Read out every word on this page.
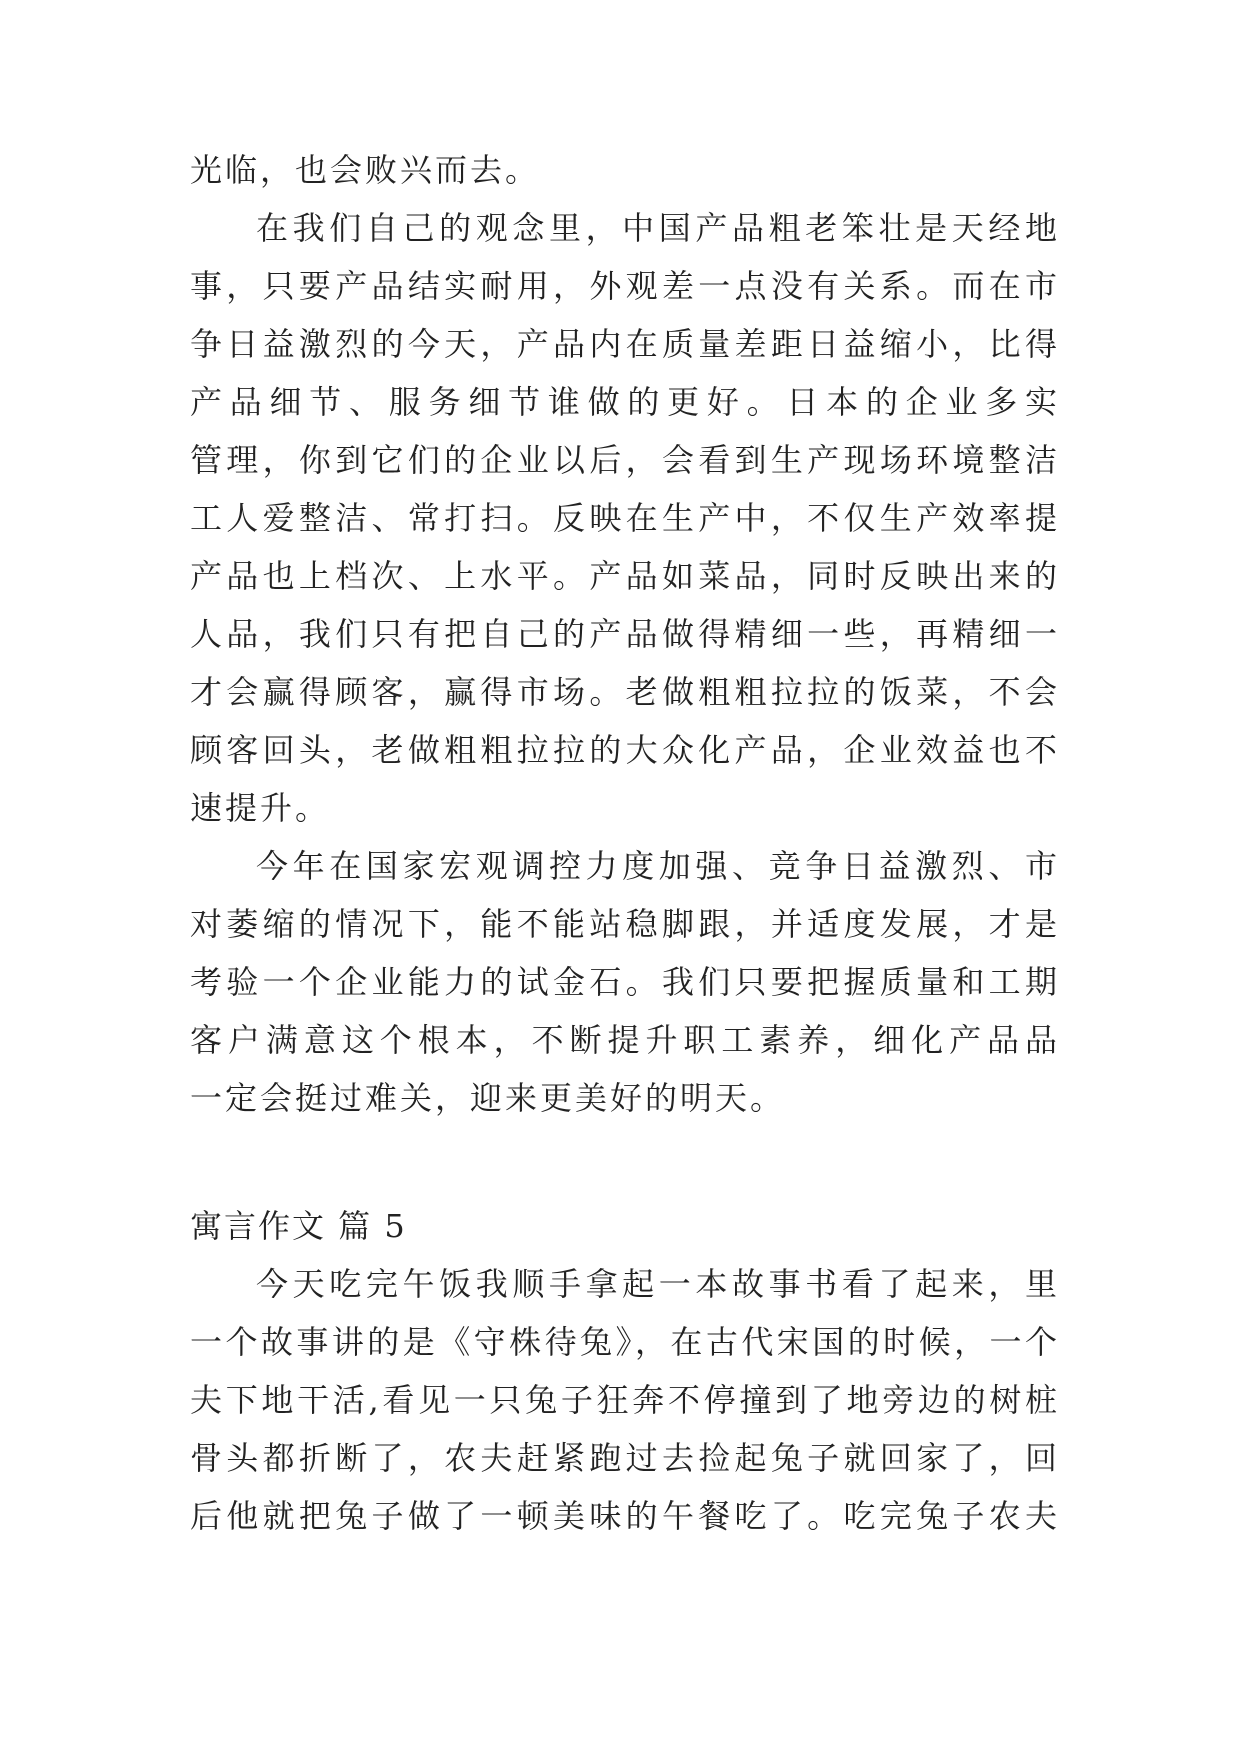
光临，也会败兴而去。
在我们自己的观念里，中国产品粗老笨壮是天经地
事，只要产品结实耐用，外观差一点没有关系。而在市
争日益激烈的今天，产品内在质量差距日益缩小，比得
产品细节、服务细节谁做的更好。日本的企业多实
管理，你到它们的企业以后，会看到生产现场环境整洁
工人爱整洁、常打扫。反映在生产中，不仅生产效率提
产品也上档次、上水平。产品如菜品，同时反映出来的
人品，我们只有把自己的产品做得精细一些，再精细一
才会赢得顾客，赢得市场。老做粗粗拉拉的饭菜，不会
顾客回头，老做粗粗拉拉的大众化产品，企业效益也不
速提升。
今年在国家宏观调控力度加强、竞争日益激烈、市
对萎缩的情况下，能不能站稳脚跟，并适度发展，才是
考验一个企业能力的试金石。我们只要把握质量和工期
客户满意这个根本，不断提升职工素养，细化产品品
一定会挺过难关，迎来更美好的明天。
寓言作文 篇 5
今天吃完午饭我顺手拿起一本故事书看了起来，里
一个故事讲的是《守株待兔》，在古代宋国的时候，一个
夫下地干活,看见一只兔子狂奔不停撞到了地旁边的树桩
骨头都折断了，农夫赶紧跑过去捡起兔子就回家了，回
后他就把兔子做了一顿美味的午餐吃了。吃完兔子农夫
